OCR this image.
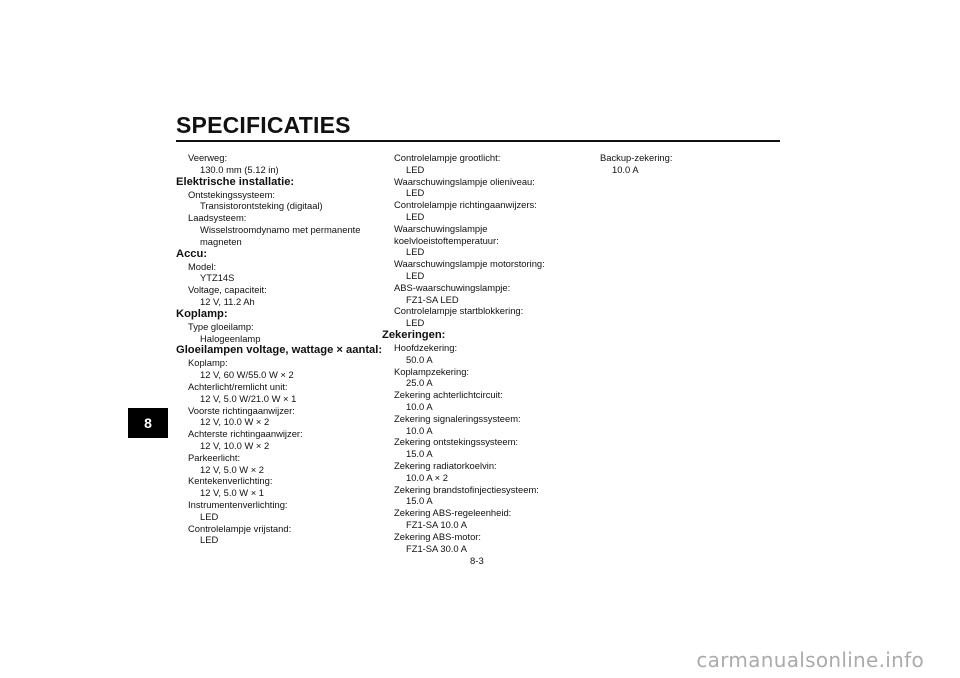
SPECIFICATIES
8
Veerweg:
130.0 mm (5.12 in)
Elektrische installatie:
Ontstekingssysteem:
Transistorontsteking (digitaal)
Laadsysteem:
Wisselstroomdynamo met permanente
magneten
Accu:
Model:
YTZ14S
Voltage, capaciteit:
12 V, 11.2 Ah
Koplamp:
Type gloeilamp:
Halogeenlamp
Gloeilampen voltage, wattage × aantal:
Koplamp:
12 V, 60 W/55.0 W × 2
Achterlicht/remlicht unit:
12 V, 5.0 W/21.0 W × 1
Voorste richtingaanwijzer:
12 V, 10.0 W × 2
Achterste richtingaanwijzer:
12 V, 10.0 W × 2
Parkeerlicht:
12 V, 5.0 W × 2
Kentekenverlichting:
12 V, 5.0 W × 1
Instrumentenverlichting:
LED
Controlelampje vrijstand:
LED
Controlelampje grootlicht:
LED
Waarschuwingslampje olieniveau:
LED
Controlelampje richtingaanwijzers:
LED
Waarschuwingslampje
koelvloeistoftemperatuur:
LED
Waarschuwingslampje motorstoring:
LED
ABS-waarschuwingslampje:
FZ1-SA LED
Controlelampje startblokkering:
LED
Zekeringen:
Hoofdzekering:
50.0 A
Koplampzekering:
25.0 A
Zekering achterlichtcircuit:
10.0 A
Zekering signaleringssysteem:
10.0 A
Zekering ontstekingssysteem:
15.0 A
Zekering radiatorkoelvin:
10.0 A × 2
Zekering brandstofinjectiesysteem:
15.0 A
Zekering ABS-regeleenheid:
FZ1-SA 10.0 A
Zekering ABS-motor:
FZ1-SA 30.0 A
Backup-zekering:
10.0 A
8-3
carmanualsonline.info
